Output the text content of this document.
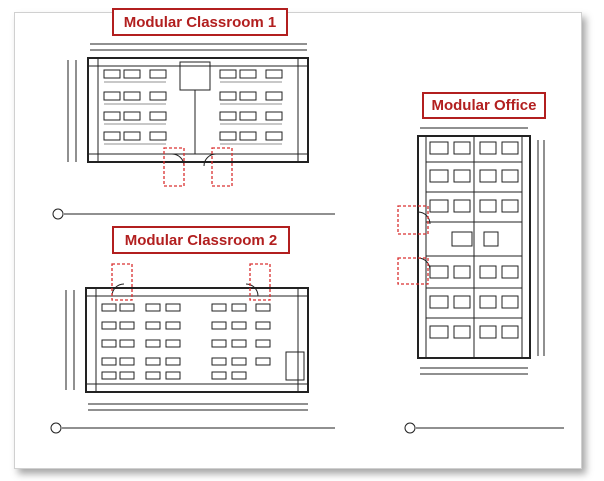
Modular Classroom 1
Modular Classroom 2
Modular Office
